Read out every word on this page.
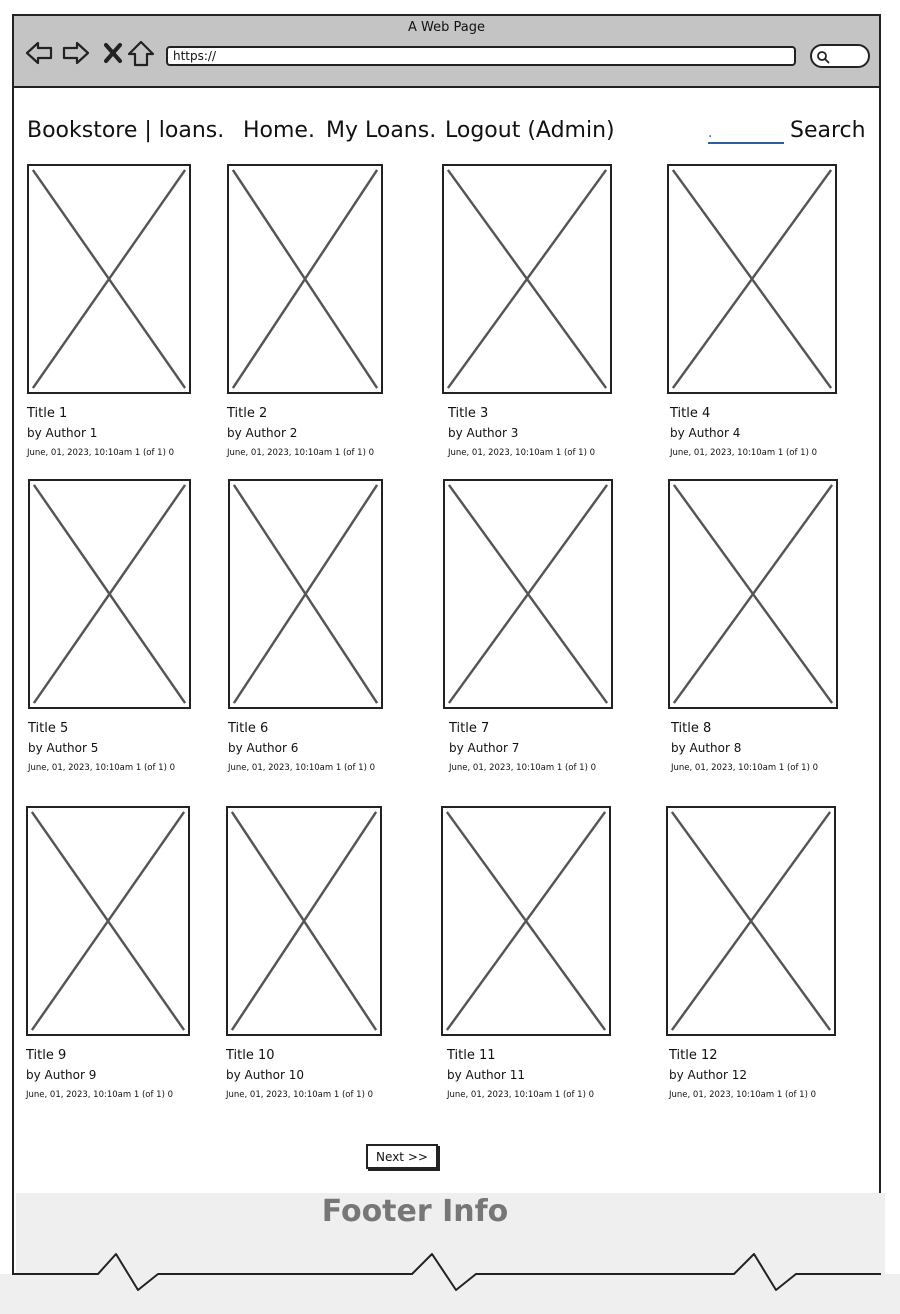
A Web Page
https://
Bookstore | loans. Home. My Loans. Logout (Admin)
.	Search
Title 1
by Author 1
June, 01, 2023, 10:10am 1 (of 1) 0
Title 2
by Author 2
June, 01, 2023, 10:10am 1 (of 1) 0
Title 3
by Author 3
June, 01, 2023, 10:10am 1 (of 1) 0
Title 4
by Author 4
June, 01, 2023, 10:10am 1 (of 1) 0
Title 5
by Author 5
June, 01, 2023, 10:10am 1 (of 1) 0
Title 6
by Author 6
June, 01, 2023, 10:10am 1 (of 1) 0
Title 7
by Author 7
June, 01, 2023, 10:10am 1 (of 1) 0
Title 8
by Author 8
June, 01, 2023, 10:10am 1 (of 1) 0
Title 9
by Author 9
June, 01, 2023, 10:10am 1 (of 1) 0
Title 10
by Author 10
June, 01, 2023, 10:10am 1 (of 1) 0
Title 11
by Author 11
June, 01, 2023, 10:10am 1 (of 1) 0
Title 12
by Author 12
June, 01, 2023, 10:10am 1 (of 1) 0
Next >>
Footer Info
